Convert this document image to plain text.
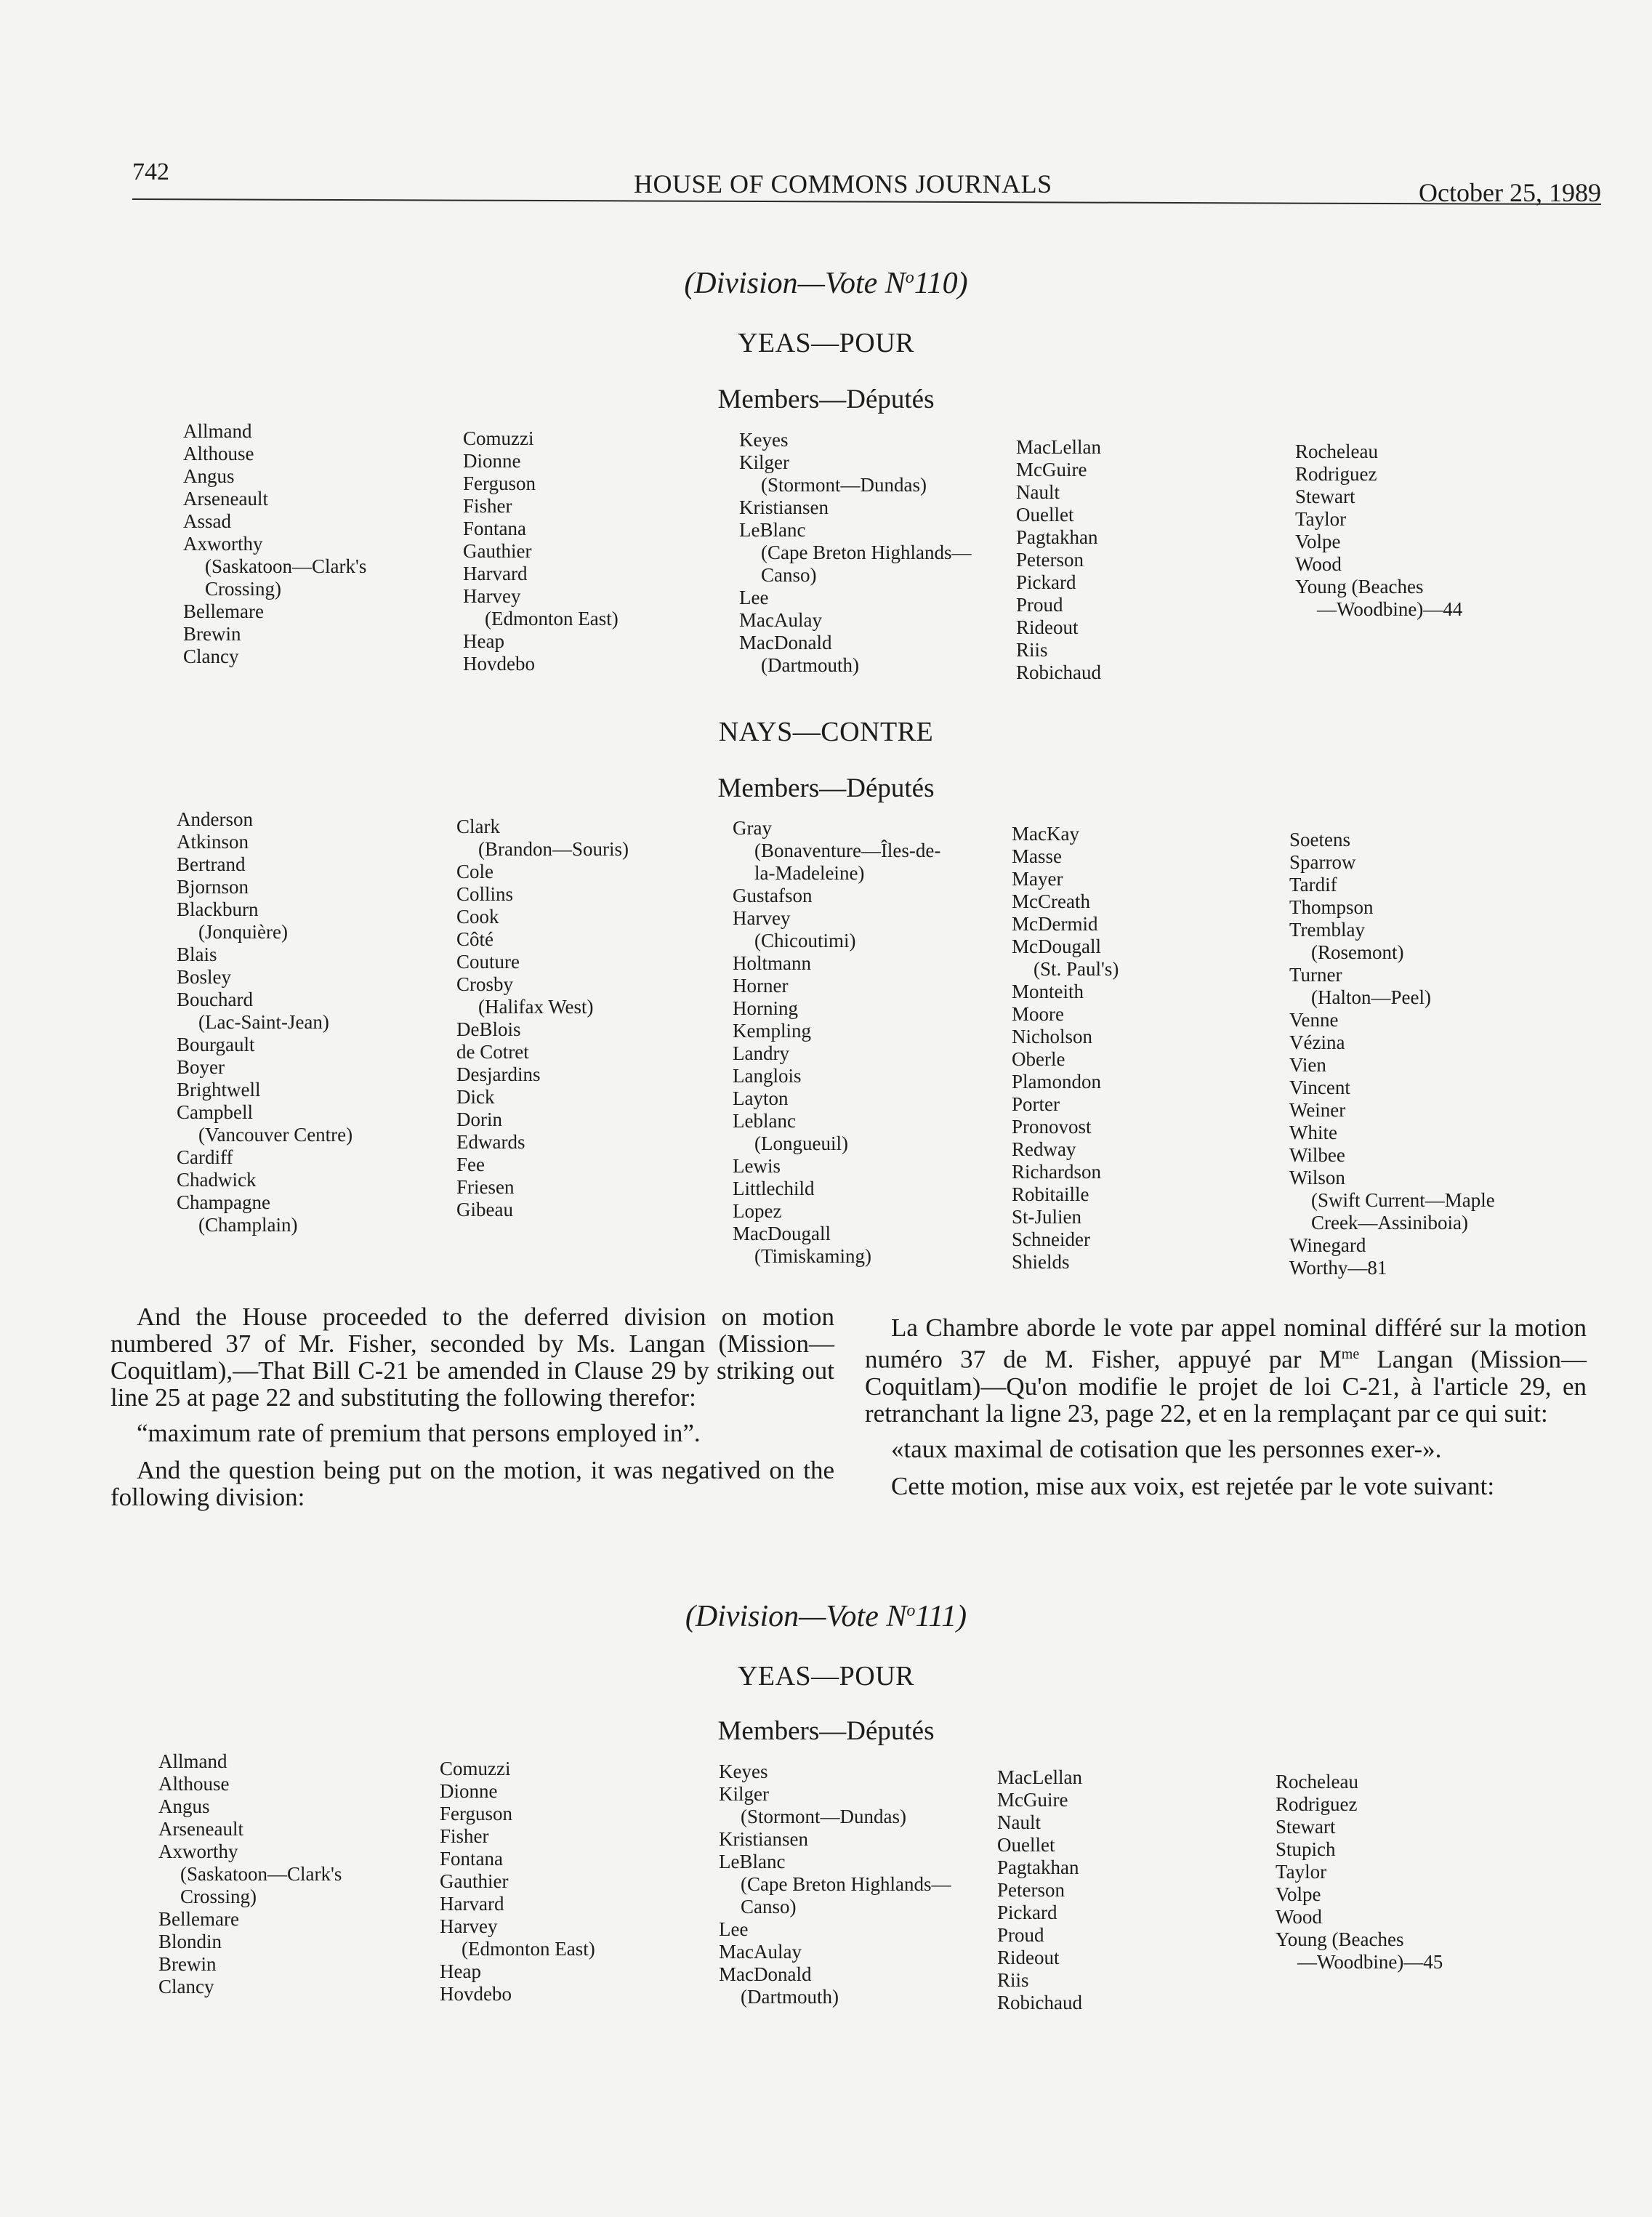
742	HOUSE OF COMMONS JOURNALS	October 25, 1989
(Division—Vote $N^o110$)
YEAS—POUR
Members—Députés
Allmand
Althouse
Angus
Arseneault
Assad
Axworthy
(Saskatoon—Clark's
Crossing)
Bellemare
Brewin
Clancy
Comuzzi
Dionne
Ferguson
Fisher
Fontana
Gauthier
Harvard
Harvey
(Edmonton East)
Heap
Hovdebo
Keyes
Kilger
(Stormont—Dundas)
Kristiansen
LeBlanc
(Cape Breton Highlands—
Canso)
Lee
MacAulay
MacDonald
(Dartmouth)
MacLellan
McGuire
Nault
Ouellet
Pagtakhan
Peterson
Pickard
Proud
Rideout
Riis
Robichaud
Rocheleau
Rodriguez
Stewart
Taylor
Volpe
Wood
Young (Beaches
—Woodbine)—44
NAYS—CONTRE
Members—Députés
Anderson
Atkinson
Bertrand
Bjornson
Blackburn
(Jonquière)
Blais
Bosley
Bouchard
(Lac-Saint-Jean)
Bourgault
Boyer
Brightwell
Campbell
(Vancouver Centre)
Cardiff
Chadwick
Champagne
(Champlain)
Clark
(Brandon—Souris)
Cole
Collins
Cook
Côté
Couture
Crosby
(Halifax West)
DeBlois
de Cotret
Desjardins
Dick
Dorin
Edwards
Fee
Friesen
Gibeau
Gray
(Bonaventure—Îles-de-
la-Madeleine)
Gustafson
Harvey
(Chicoutimi)
Holtmann
Horner
Horning
Kempling
Landry
Langlois
Layton
Leblanc
(Longueuil)
Lewis
Littlechild
Lopez
MacDougall
(Timiskaming)
MacKay
Masse
Mayer
McCreath
McDermid
McDougall
(St. Paul's)
Monteith
Moore
Nicholson
Oberle
Plamondon
Porter
Pronovost
Redway
Richardson
Robitaille
St-Julien
Schneider
Shields
Soetens
Sparrow
Tardif
Thompson
Tremblay
(Rosemont)
Turner
(Halton—Peel)
Venne
Vézina
Vien
Vincent
Weiner
White
Wilbee
Wilson
(Swift Current—Maple
Creek—Assiniboia)
Winegard
Worthy—81

And the House proceeded to the deferred division on motion numbered 37 of Mr. Fisher, seconded by Ms. Langan (Mission—Coquitlam),—That Bill C-21 be amended in Clause 29 by striking out line 25 at page 22 and substituting the following therefor:

“maximum rate of premium that persons employed in”.

And the question being put on the motion, it was negatived on the following division:

La Chambre aborde le vote par appel nominal différé sur la motion numéro 37 de M. Fisher, appuyé par $M^{me}$ Langan (Mission—Coquitlam)—Qu'on modifie le projet de loi C-21, à l'article 29, en retranchant la ligne 23, page 22, et en la remplaçant par ce qui suit:

«taux maximal de cotisation que les personnes exer-».

Cette motion, mise aux voix, est rejetée par le vote suivant:

(Division—Vote $N^o111$)
YEAS—POUR
Members—Députés
Allmand
Althouse
Angus
Arseneault
Axworthy
(Saskatoon—Clark's
Crossing)
Bellemare
Blondin
Brewin
Clancy
Comuzzi
Dionne
Ferguson
Fisher
Fontana
Gauthier
Harvard
Harvey
(Edmonton East)
Heap
Hovdebo
Keyes
Kilger
(Stormont—Dundas)
Kristiansen
LeBlanc
(Cape Breton Highlands—
Canso)
Lee
MacAulay
MacDonald
(Dartmouth)
MacLellan
McGuire
Nault
Ouellet
Pagtakhan
Peterson
Pickard
Proud
Rideout
Riis
Robichaud
Rocheleau
Rodriguez
Stewart
Stupich
Taylor
Volpe
Wood
Young (Beaches
—Woodbine)—45
